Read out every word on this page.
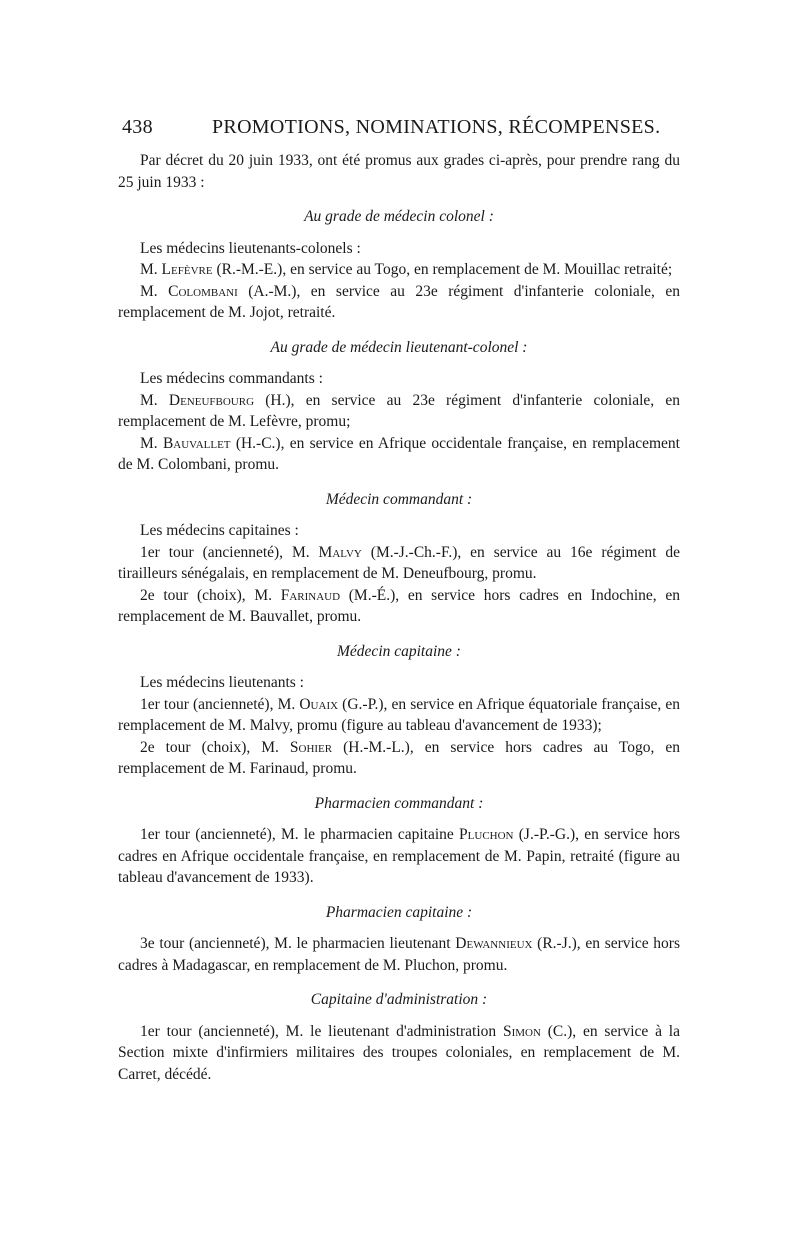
438	PROMOTIONS, NOMINATIONS, RÉCOMPENSES.

Par décret du 20 juin 1933, ont été promus aux grades ci-après, pour prendre rang du 25 juin 1933 :

Au grade de médecin colonel :

Les médecins lieutenants-colonels :

M. Lefèvre (R.-M.-E.), en service au Togo, en remplacement de M. Mouillac retraité;

M. Colombani (A.-M.), en service au 23e régiment d'infanterie coloniale, en remplacement de M. Jojot, retraité.

Au grade de médecin lieutenant-colonel :

Les médecins commandants :

M. Deneufbourg (H.), en service au 23e régiment d'infanterie coloniale, en remplacement de M. Lefèvre, promu;

M. Bauvallet (H.-C.), en service en Afrique occidentale française, en remplacement de M. Colombani, promu.

Médecin commandant :

Les médecins capitaines :

1er tour (ancienneté), M. Malvy (M.-J.-Ch.-F.), en service au 16e régiment de tirailleurs sénégalais, en remplacement de M. Deneufbourg, promu.

2e tour (choix), M. Farinaud (M.-É.), en service hors cadres en Indochine, en remplacement de M. Bauvallet, promu.

Médecin capitaine :

Les médecins lieutenants :

1er tour (ancienneté), M. Ouaix (G.-P.), en service en Afrique équatoriale française, en remplacement de M. Malvy, promu (figure au tableau d'avancement de 1933);

2e tour (choix), M. Sohier (H.-M.-L.), en service hors cadres au Togo, en remplacement de M. Farinaud, promu.

Pharmacien commandant :

1er tour (ancienneté), M. le pharmacien capitaine Pluchon (J.-P.-G.), en service hors cadres en Afrique occidentale française, en remplacement de M. Papin, retraité (figure au tableau d'avancement de 1933).

Pharmacien capitaine :

3e tour (ancienneté), M. le pharmacien lieutenant Dewannieux (R.-J.), en service hors cadres à Madagascar, en remplacement de M. Pluchon, promu.

Capitaine d'administration :

1er tour (ancienneté), M. le lieutenant d'administration Simon (C.), en service à la Section mixte d'infirmiers militaires des troupes coloniales, en remplacement de M. Carret, décédé.
